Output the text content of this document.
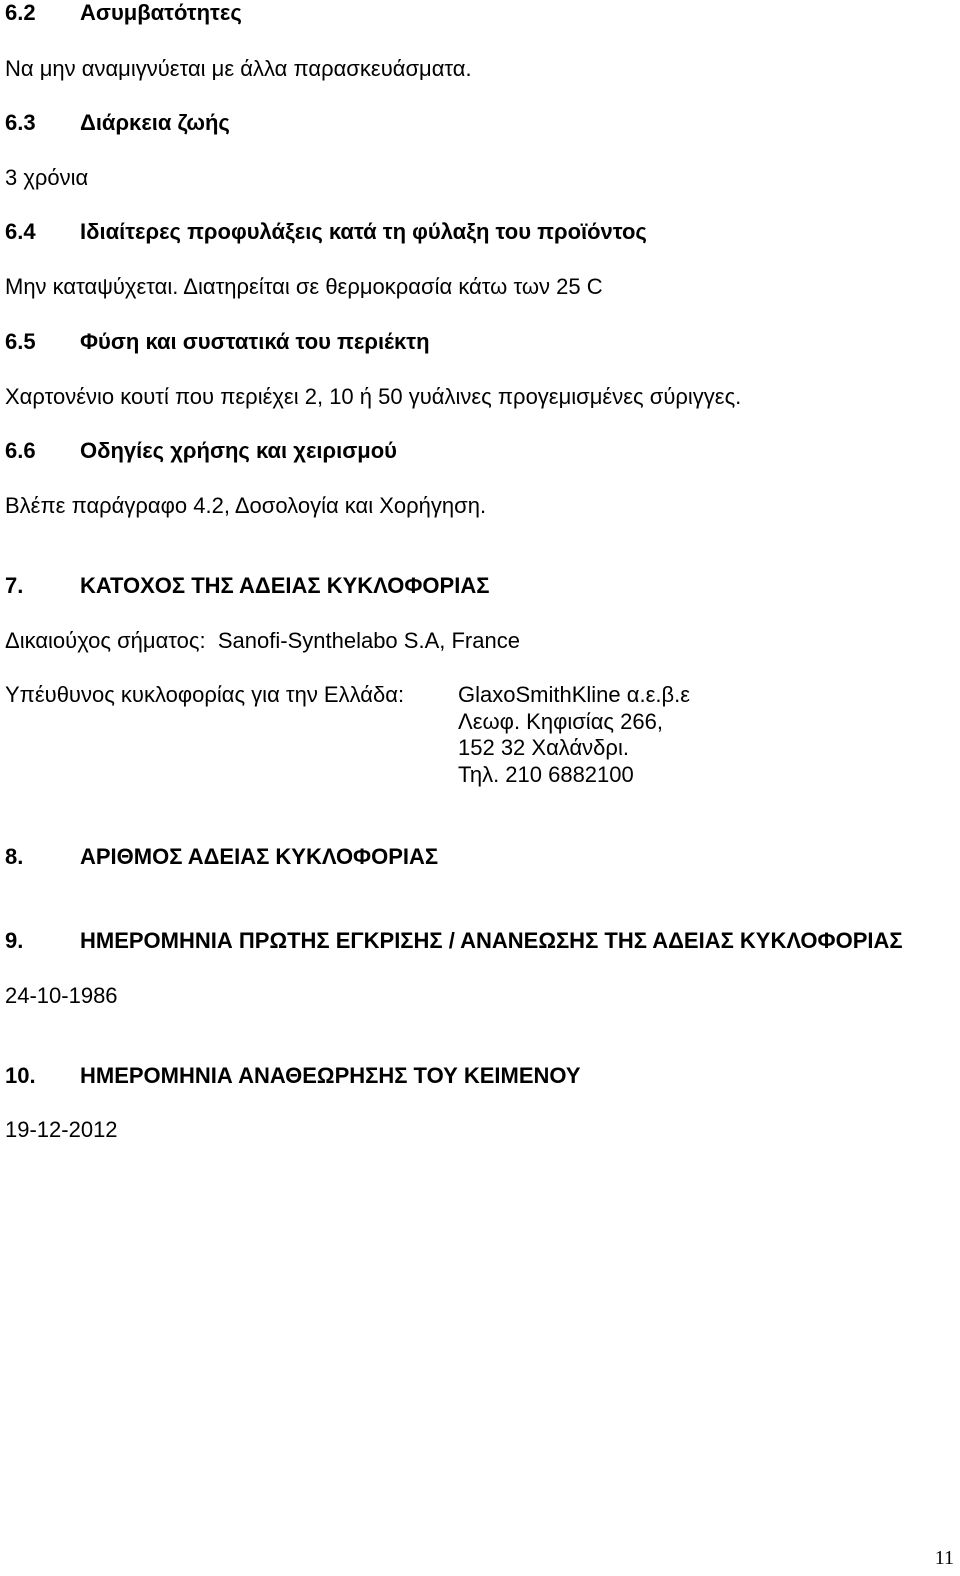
6.2 Ασυμβατότητες
Να μην αναμιγνύεται με άλλα παρασκευάσματα.
6.3 Διάρκεια ζωής
3 χρόνια
6.4 Ιδιαίτερες προφυλάξεις κατά τη φύλαξη του προϊόντος
Μην καταψύχεται. Διατηρείται σε θερμοκρασία κάτω των 25 C
6.5 Φύση και συστατικά του περιέκτη
Χαρτονένιο κουτί που περιέχει 2, 10 ή 50 γυάλινες προγεμισμένες σύριγγες.
6.6 Οδηγίες χρήσης και χειρισμού
Βλέπε παράγραφο 4.2, Δοσολογία και Χορήγηση.
7.	ΚΑΤΟΧΟΣ ΤΗΣ ΑΔΕΙΑΣ ΚΥΚΛΟΦΟΡΙΑΣ
Δικαιούχος σήματος: Sanofi-Synthelabo S.A, France
Υπέυθυνος κυκλοφορίας για την Ελλάδα:	GlaxoSmithKline α.ε.β.ε
Λεωφ. Κηφισίας 266,
152 32 Χαλάνδρι.
Τηλ. 210 6882100
8.	ΑΡΙΘΜΟΣ ΑΔΕΙΑΣ ΚΥΚΛΟΦΟΡΙΑΣ
9.	ΗΜΕΡΟΜΗΝΙΑ ΠΡΩΤΗΣ ΕΓΚΡΙΣΗΣ / ΑΝΑΝΕΩΣΗΣ ΤΗΣ ΑΔΕΙΑΣ ΚΥΚΛΟΦΟΡΙΑΣ
24-10-1986
10. ΗΜΕΡΟΜΗΝΙΑ ΑΝΑΘΕΩΡΗΣΗΣ ΤΟΥ ΚΕΙΜΕΝΟΥ
19-12-2012
11
